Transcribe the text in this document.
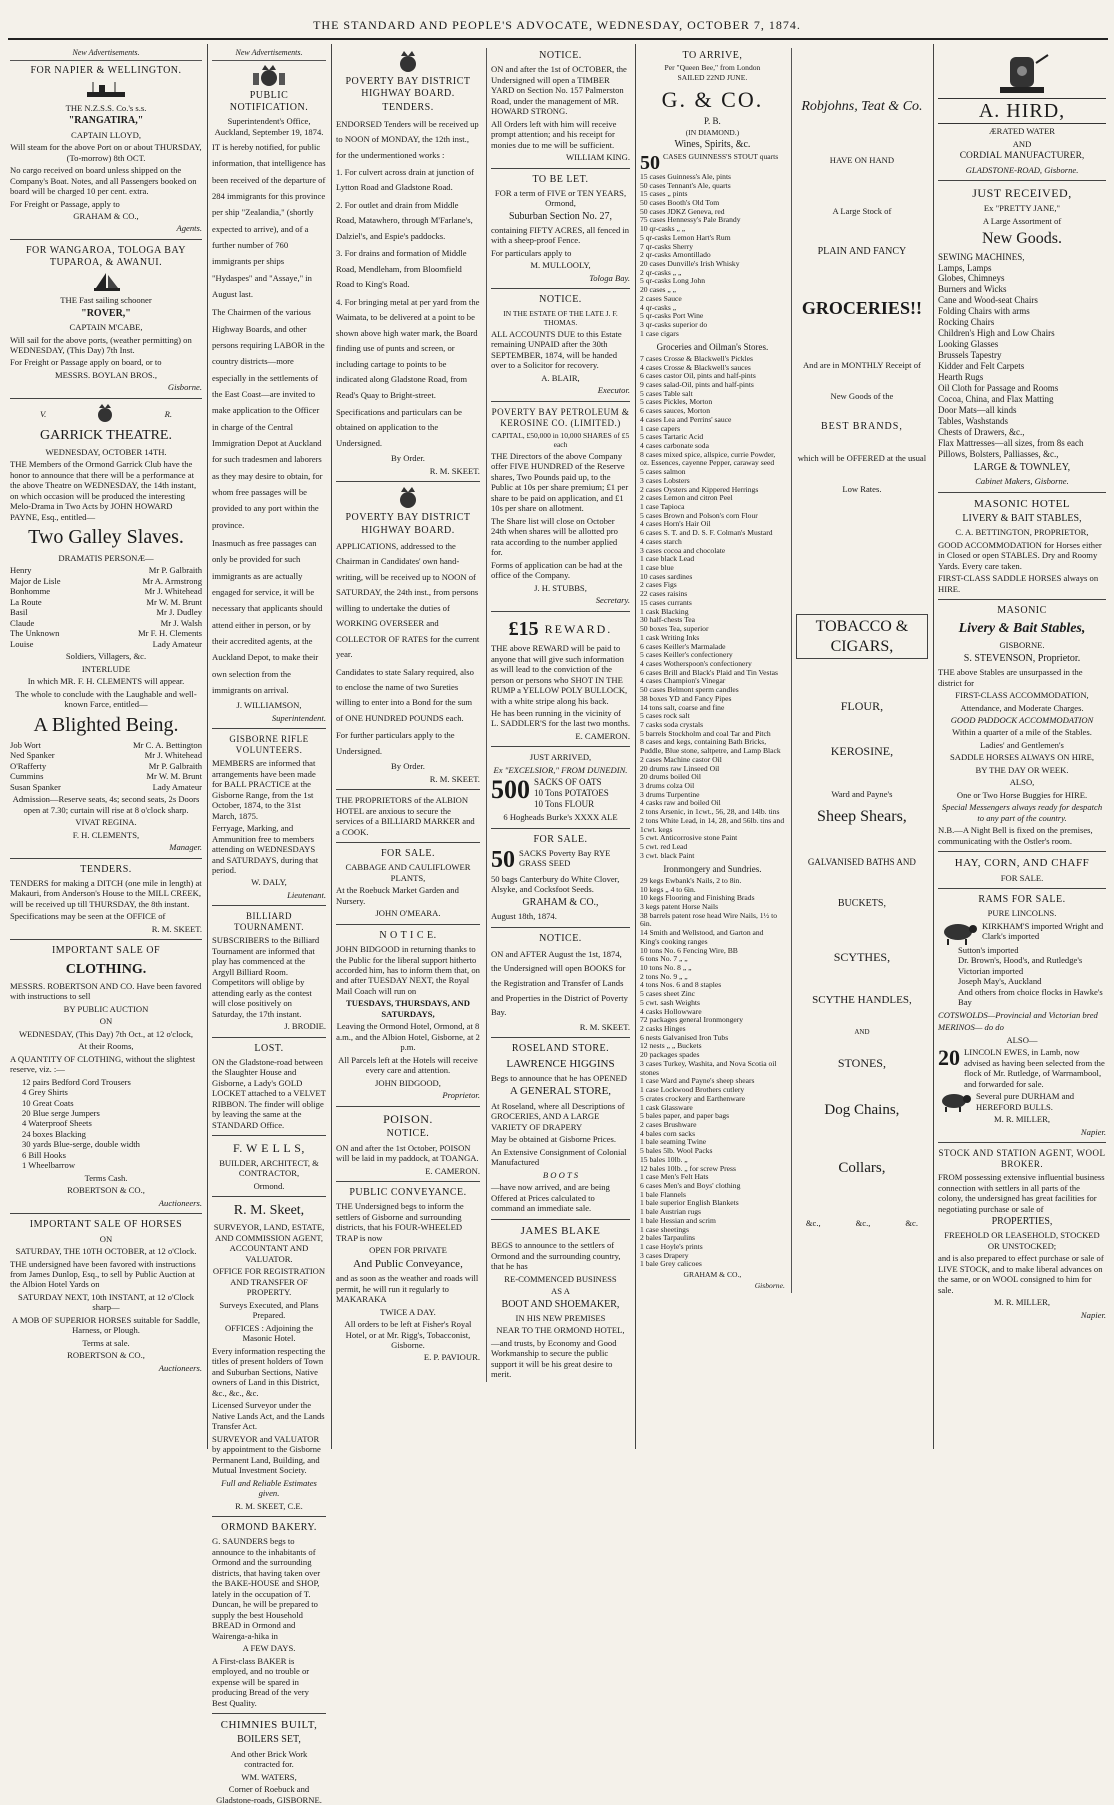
THE STANDARD AND PEOPLE'S ADVOCATE, WEDNESDAY, OCTOBER 7, 1874.
New Advertisements.
FOR NAPIER & WELLINGTON.

THE N.Z.S.S. Co.'s s.s.

"RANGATIRA,"

CAPTAIN LLOYD,

Will steam for the above Port on or about THURSDAY, (To-morrow) 8th OCT.

No cargo received on board unless shipped on the Company's Boat. Notes, and all Passengers booked on board will be charged 10 per cent. extra.

For Freight or Passage, apply to

GRAHAM & CO.,

Agents.

FOR WANGAROA, TOLOGA BAY TUPAROA, & AWANUI.

THE Fast sailing schooner

"ROVER,"

CAPTAIN M'CABE,

Will sail for the above ports, (weather permitting) on WEDNESDAY, (This Day) 7th Inst.

For Freight or Passage apply on board, or to

MESSRS. BOYLAN BROS.,

Gisborne.

V.	R.
GARRICK THEATRE.

WEDNESDAY, OCTOBER 14TH.

THE Members of the Ormond Garrick Club have the honor to announce that there will be a performance at the above Theatre on WEDNESDAY, the 14th instant, on which occasion will be produced the interesting Melo-Drama in Two Acts by JOHN HOWARD PAYNE, Esq., entitled—

Two Galley Slaves.

DRAMATIS PERSONÆ—

Henry	Mr P. Galbraith
Major de Lisle	Mr A. Armstrong
Bonhomme	Mr J. Whitehead
La Route	Mr W. M. Brunt
Basil	Mr J. Dudley
Claude	Mr J. Walsh
The Unknown	Mr F. H. Clements
Louise	Lady Amateur

Soldiers, Villagers, &c.

INTERLUDE

In which MR. F. H. CLEMENTS will appear.

The whole to conclude with the Laughable and well-known Farce, entitled—

A Blighted Being.
Job Wort	Mr C. A. Bettington
Ned Spanker	Mr J. Whitehead
O'Rafferty	Mr P. Galbraith
Cummins	Mr W. M. Brunt
Susan Spanker	Lady Amateur

Admission—Reserve seats, 4s; second seats, 2s Doors open at 7.30; curtain will rise at 8 o'clock sharp.

VIVAT REGINA.

F. H. CLEMENTS,

Manager.

TENDERS.

TENDERS for making a DITCH (one mile in length) at Makauri, from Anderson's House to the MILL CREEK, will be received up till THURSDAY, the 8th instant.

Specifications may be seen at the OFFICE of

R. M. SKEET.

IMPORTANT SALE OF
CLOTHING.

MESSRS. ROBERTSON AND CO. Have been favored with instructions to sell

BY PUBLIC AUCTION

ON

WEDNESDAY, (This Day) 7th Oct., at 12 o'clock,

At their Rooms,

A QUANTITY OF CLOTHING, without the slightest reserve, viz. :—

12 pairs Bedford Cord Trousers
4 Grey Shirts
10 Great Coats
20 Blue serge Jumpers
4 Waterproof Sheets
24 boxes Blacking
30 yards Blue-serge, double width
6 Bill Hooks
1 Wheelbarrow

Terms Cash.

ROBERTSON & CO.,

Auctioneers.

IMPORTANT SALE OF HORSES

ON

SATURDAY, THE 10TH OCTOBER, at 12 o'Clock.

THE undersigned have been favored with instructions from James Dunlop, Esq., to sell by Public Auction at the Albion Hotel Yards on

SATURDAY NEXT, 10th INSTANT, at 12 o'Clock sharp—

A MOB OF SUPERIOR HORSES suitable for Saddle, Harness, or Plough.

Terms at sale.

ROBERTSON & CO.,

Auctioneers.

New Advertisements.
PUBLIC NOTIFICATION.

Superintendent's Office, Auckland, September 19, 1874.

IT is hereby notified, for public information, that intelligence has been received of the departure of 284 immigrants for this province per ship "Zealandia," (shortly expected to arrive), and of a further number of 760 immigrants per ships "Hydaspes" and "Assaye," in August last.

The Chairmen of the various Highway Boards, and other persons requiring LABOR in the country districts—more especially in the settlements of the East Coast—are invited to make application to the Officer in charge of the Central Immigration Depot at Auckland for such tradesmen and laborers as they may desire to obtain, for whom free passages will be provided to any port within the province.

Inasmuch as free passages can only be provided for such immigrants as are actually engaged for service, it will be necessary that applicants should attend either in person, or by their accredited agents, at the Auckland Depot, to make their own selection from the immigrants on arrival.

J. WILLIAMSON,

Superintendent.

GISBORNE RIFLE VOLUNTEERS.

MEMBERS are informed that arrangements have been made for BALL PRACTICE at the Gisborne Range, from the 1st October, 1874, to the 31st March, 1875.

Ferryage, Marking, and Ammunition free to members attending on WEDNESDAYS and SATURDAYS, during that period.

W. DALY,

Lieutenant.

BILLIARD TOURNAMENT.

SUBSCRIBERS to the Billiard Tournament are informed that play has commenced at the Argyll Billiard Room. Competitors will oblige by attending early as the contest will close positively on Saturday, the 17th instant.

J. BRODIE.

LOST.

ON the Gladstone-road between the Slaughter House and Gisborne, a Lady's GOLD LOCKET attached to a VELVET RIBBON. The finder will oblige by leaving the same at the STANDARD Office.

F. W E L L S,

BUILDER, ARCHITECT, & CONTRACTOR,

Ormond.

R. M. Skeet,

SURVEYOR, LAND, ESTATE, AND COMMISSION AGENT, ACCOUNTANT AND VALUATOR.

OFFICE FOR REGISTRATION AND TRANSFER OF PROPERTY.

Surveys Executed, and Plans Prepared.

OFFICES : Adjoining the Masonic Hotel.

Every information respecting the titles of present holders of Town and Suburban Sections, Native owners of Land in this District, &c., &c., &c.

Licensed Surveyor under the Native Lands Act, and the Lands Transfer Act.

SURVEYOR and VALUATOR by appointment to the Gisborne Permanent Land, Building, and Mutual Investment Society.

Full and Reliable Estimates given.

R. M. SKEET, C.E.

ORMOND BAKERY.

G. SAUNDERS begs to announce to the inhabitants of Ormond and the surrounding districts, that having taken over the BAKE-HOUSE and SHOP, lately in the occupation of T. Duncan, he will be prepared to supply the best Household BREAD in Ormond and Wairenga-a-hika in

A FEW DAYS.

A First-class BAKER is employed, and no trouble or expense will be spared in producing Bread of the very Best Quality.

CHIMNIES BUILT,

BOILERS SET,

And other Brick Work contracted for.

WM. WATERS,

Corner of Roebuck and Gladstone-roads, GISBORNE.

POVERTY BAY DISTRICT HIGHWAY BOARD.
TENDERS.

ENDORSED Tenders will be received up to NOON of MONDAY, the 12th inst., for the undermentioned works :

1. For culvert across drain at junction of Lytton Road and Gladstone Road.

2. For outlet and drain from Middle Road, Matawhero, through M'Farlane's, Dalziel's, and Espie's paddocks.

3. For drains and formation of Middle Road, Mendleham, from Bloomfield Road to King's Road.

4. For bringing metal at per yard from the Waimata, to be delivered at a point to be shown above high water mark, the Board finding use of punts and screen, or including cartage to points to be indicated along Gladstone Road, from Read's Quay to Bright-street.

Specifications and particulars can be obtained on application to the Undersigned.

By Order.

R. M. SKEET.

POVERTY BAY DISTRICT HIGHWAY BOARD.

APPLICATIONS, addressed to the Chairman in Candidates' own hand-writing, will be received up to NOON of SATURDAY, the 24th inst., from persons willing to undertake the duties of WORKING OVERSEER and COLLECTOR OF RATES for the current year.

Candidates to state Salary required, also to enclose the name of two Sureties willing to enter into a Bond for the sum of ONE HUNDRED POUNDS each.

For further particulars apply to the Undersigned.

By Order.

R. M. SKEET.

THE PROPRIETORS of the ALBION HOTEL are anxious to secure the services of a BILLIARD MARKER and a COOK.

FOR SALE.

CABBAGE AND CAULIFLOWER PLANTS,

At the Roebuck Market Garden and Nursery.

JOHN O'MEARA.

N O T I C E.

JOHN BIDGOOD in returning thanks to the Public for the liberal support hitherto accorded him, has to inform them that, on and after TUESDAY NEXT, the Royal Mail Coach will run on

TUESDAYS, THURSDAYS, AND SATURDAYS,

Leaving the Ormond Hotel, Ormond, at 8 a.m., and the Albion Hotel, Gisborne, at 2 p.m.

All Parcels left at the Hotels will receive every care and attention.

JOHN BIDGOOD,

Proprietor.

POISON.
NOTICE.

ON and after the 1st October, POISON will be laid in my paddock, at TOANGA.

E. CAMERON.

PUBLIC CONVEYANCE.

THE Undersigned begs to inform the settlers of Gisborne and surrounding districts, that his FOUR-WHEELED TRAP is now

OPEN FOR PRIVATE

And Public Conveyance,

and as soon as the weather and roads will permit, he will run it regularly to MAKARAKA

TWICE A DAY.

All orders to be left at Fisher's Royal Hotel, or at Mr. Rigg's, Tobacconist, Gisborne.

E. P. PAVIOUR.

NOTICE.

ON and after the 1st of OCTOBER, the Undersigned will open a TIMBER YARD on Section No. 157 Palmerston Road, under the management of MR. HOWARD STRONG.

All Orders left with him will receive prompt attention; and his receipt for monies due to me will be sufficient.

WILLIAM KING.

TO BE LET.

FOR a term of FIVE or TEN YEARS, Ormond,

Suburban Section No. 27,

containing FIFTY ACRES, all fenced in with a sheep-proof Fence.

For particulars apply to

M. MULLOOLY,

Tologa Bay.

NOTICE.

IN THE ESTATE OF THE LATE J. F. THOMAS.

ALL ACCOUNTS DUE to this Estate remaining UNPAID after the 30th SEPTEMBER, 1874, will be handed over to a Solicitor for recovery.

A. BLAIR,

Executor.

POVERTY BAY PETROLEUM & KEROSINE CO. (LIMITED.)

CAPITAL, £50,000 in 10,000 SHARES of £5 each

THE Directors of the above Company offer FIVE HUNDRED of the Reserve shares, Two Pounds paid up, to the Public at 10s per share premium; £1 per share to be paid on application, and £1 10s per share on allotment.

The Share list will close on October 24th when shares will be allotted pro rata according to the number applied for.

Forms of application can be had at the office of the Company.

J. H. STUBBS,

Secretary.

£15 REWARD.

THE above REWARD will be paid to anyone that will give such information as will lead to the conviction of the person or persons who SHOT IN THE RUMP a YELLOW POLY BULLOCK, with a white stripe along his back.

He has been running in the vicinity of L. SADDLER'S for the last two months.

E. CAMERON.

JUST ARRIVED,

Ex "EXCELSIOR," FROM DUNEDIN.

500 SACKS OF OATS
10 Tons POTATOES
10 Tons FLOUR

6 Hogheads Burke's XXXX ALE

FOR SALE.
50 SACKS Poverty Bay RYE GRASS SEED

50 bags Canterbury do White Clover, Alsyke, and Cocksfoot Seeds.

GRAHAM & CO.,

August 18th, 1874.

NOTICE.

ON and AFTER August the 1st, 1874, the Undersigned will open BOOKS for the Registration and Transfer of Lands and Properties in the District of Poverty Bay.

R. M. SKEET.

ROSELAND STORE.

LAWRENCE HIGGINS

Begs to announce that he has OPENED

A GENERAL STORE,

At Roseland, where all Descriptions of GROCERIES, AND A LARGE VARIETY OF DRAPERY

May be obtained at Gisborne Prices.

An Extensive Consignment of Colonial Manufactured

B O O T S

—have now arrived, and are being Offered at Prices calculated to command an immediate sale.

JAMES BLAKE

BEGS to announce to the settlers of Ormond and the surrounding country, that he has

RE-COMMENCED BUSINESS

AS A

BOOT AND SHOEMAKER,

IN HIS NEW PREMISES

NEAR TO THE ORMOND HOTEL,

—and trusts, by Economy and Good Workmanship to secure the public support it will be his great desire to merit.

TO ARRIVE,

Per "Queen Bee," from London

SAILED 22ND JUNE.

G. & CO.

P. B.

(IN DIAMOND.)

Wines, Spirits, &c.

50 CASES GUINNESS'S STOUT quarts
15 cases Guinness's Ale, pints
50 cases Tennant's Ale, quarts
15 cases „ pints
50 cases Booth's Old Tom
50 cases JDKZ Geneva, red
75 cases Hennessy's Pale Brandy
10 qr-casks „ „
5 qr-casks Lemon Hart's Rum
7 qr-casks Sherry
2 qr-casks Amontillado
20 cases Dunville's Irish Whisky
2 qr-casks „ „
5 qr-casks Long John
20 cases „ „
2 cases Sauce
4 qr-casks „
5 qr-casks Port Wine
3 qr-casks superior do
1 case cigars

Groceries and Oilman's Stores.

7 cases Crosse & Blackwell's Pickles
4 cases Crosse & Blackwell's sauces
6 cases castor Oil, pints and half-pints
9 cases salad-Oil, pints and half-pints
5 cases Table salt
5 cases Pickles, Morton
6 cases sauces, Morton
4 cases Lea and Perrins' sauce
1 case capers
5 cases Tartaric Acid
4 cases carbonate soda
8 cases mixed spice, allspice, currie Powder, oz. Essences, cayenne Pepper, caraway seed
5 cases salmon
3 cases Lobsters
2 cases Oysters and Kippered Herrings
2 cases Lemon and citron Peel
1 case Tapioca
5 cases Brown and Polson's corn Flour
4 cases Horn's Hair Oil
6 cases S. T. and D. S. F. Colman's Mustard
4 cases starch
3 cases cocoa and chocolate
1 case black Lead
1 case blue
10 cases sardines
2 cases Figs
22 cases raisins
15 cases currants
1 cask Blacking
30 half-chests Tea
50 boxes Tea, superior
1 cask Writing Inks
6 cases Keiller's Marmalade
5 cases Keiller's confectionery
4 cases Wotherspoon's confectionery
6 cases Brill and Black's Plaid and Tin Vestas
4 cases Champion's Vinegar
50 cases Belmont sperm candles
38 boxes YD and Fancy Pipes
14 tons salt, coarse and fine
5 cases rock salt
7 casks soda crystals
5 barrels Stockholm and coal Tar and Pitch
8 cases and kegs, containing Bath Bricks, Puddle, Blue stone, saltpetre, and Lamp Black
2 cases Machine castor Oil
20 drums raw Linseed Oil
20 drums boiled Oil
3 drums colza Oil
3 drums Turpentine
4 casks raw and boiled Oil
2 tons Arsenic, in 1cwt., 56, 28, and 14lb. tins
2 tons White Lead, in 14, 28, and 56lb. tins and 1cwt. kegs
5 cwt. Anticorrosive stone Paint
5 cwt. red Lead
3 cwt. black Paint

Ironmongery and Sundries.

29 kegs Ewbank's Nails, 2 to 8in.
10 kegs „ 4 to 6in.
10 kegs Flooring and Finishing Brads
3 kegs patent Horse Nails
38 barrels patent rose head Wire Nails, 1½ to 6in.
14 Smith and Wellstood, and Garton and King's cooking ranges
10 tons No. 6 Fencing Wire, BB
6 tons No. 7 „ „
10 tons No. 8 „ „
2 tons No. 9 „ „
4 tons Nos. 6 and 8 staples
5 cases sheet Zinc
5 cwt. sash Weights
4 casks Hollowware
72 packages general Ironmongery
2 casks Hinges
6 nests Galvanised Iron Tubs
12 nests „ „ Buckets
20 packages spades
3 cases Turkey, Washita, and Nova Scotia oil stones
1 case Ward and Payne's sheep shears
1 case Lockwood Brothers cutlery
5 crates crockery and Earthenware
1 cask Glassware
5 bales paper, and paper bags
2 cases Brushware
4 bales corn sacks
1 bale seaming Twine
5 bales 5lb. Wool Packs
15 bales 10lb. „
12 bales 10lb. „ for screw Press
1 case Men's Felt Hats
6 cases Men's and Boys' clothing
1 bale Flannels
1 bale superior English Blankets
1 bale Austrian rugs
1 bale Hessian and scrim
1 case sheetings
2 bales Tarpaulins
1 case Hoyle's prints
3 cases Drapery
1 bale Grey calicoes

GRAHAM & CO.,

Gisborne.

Robjohns, Teat & Co.

HAVE ON HAND

A Large Stock of

PLAIN AND FANCY

GROCERIES!!

And are in MONTHLY Receipt of

New Goods of the

BEST BRANDS,

which will be OFFERED at the usual

Low Rates.

TOBACCO & CIGARS,

FLOUR,

KEROSINE,

Ward and Payne's

Sheep Shears,

GALVANISED BATHS AND

BUCKETS,

SCYTHES,

SCYTHE HANDLES,

AND

STONES,

Dog Chains,

Collars,

&c.,	&c.,	&c.
A. HIRD,

ÆRATED WATER

AND

CORDIAL MANUFACTURER,

GLADSTONE-ROAD, Gisborne.

JUST RECEIVED,

Ex "PRETTY JANE,"

A Large Assortment of

New Goods.
SEWING MACHINES,
Lamps, Lamps
Globes, Chimneys
Burners and Wicks
Cane and Wood-seat Chairs
Folding Chairs with arms
Rocking Chairs
Children's High and Low Chairs
Looking Glasses
Brussels Tapestry
Kidder and Felt Carpets
Hearth Rugs
Oil Cloth for Passage and Rooms
Cocoa, China, and Flax Matting
Door Mats—all kinds
Tables, Washstands
Chests of Drawers, &c.,
Flax Mattresses—all sizes, from 8s each
Pillows, Bolsters, Palliasses, &c.,

LARGE & TOWNLEY,

Cabinet Makers, Gisborne.

MASONIC HOTEL

LIVERY & BAIT STABLES,

C. A. BETTINGTON, PROPRIETOR,

GOOD ACCOMMODATION for Horses either in Closed or open STABLES. Dry and Roomy Yards. Every care taken.

FIRST-CLASS SADDLE HORSES always on HIRE.

MASONIC
Livery & Bait Stables,

GISBORNE.

S. STEVENSON, Proprietor.

THE above Stables are unsurpassed in the district for

FIRST-CLASS ACCOMMODATION,

Attendance, and Moderate Charges.

GOOD PADDOCK ACCOMMODATION

Within a quarter of a mile of the Stables.

Ladies' and Gentlemen's

SADDLE HORSES ALWAYS ON HIRE,

BY THE DAY OR WEEK.

ALSO,

One or Two Horse Buggies for HIRE.

Special Messengers always ready for despatch to any part of the country.

N.B.—A Night Bell is fixed on the premises, communicating with the Ostler's room.

HAY, CORN, AND CHAFF

FOR SALE.

RAMS FOR SALE.

PURE LINCOLNS.

KIRKHAM'S imported Wright and Clark's imported
Sutton's imported
Dr. Brown's, Hood's, and Rutledge's Victorian imported
Joseph May's, Auckland
And others from choice flocks in Hawke's Bay

COTSWOLDS—Provincial and Victorian bred

MERINOS— do do

ALSO—

20 LINCOLN EWES, in Lamb, now advised as having been selected from the flock of Mr. Rutledge, of Warrnambool, and forwarded for sale.
Several pure DURHAM and HEREFORD BULLS.

M. R. MILLER,

Napier.

STOCK AND STATION AGENT, WOOL BROKER.

FROM possessing extensive influential business connection with settlers in all parts of the colony, the undersigned has great facilities for negotiating purchase or sale of

PROPERTIES,

FREEHOLD OR LEASEHOLD, STOCKED OR UNSTOCKED;

and is also prepared to effect purchase or sale of LIVE STOCK, and to make liberal advances on the same, or on WOOL consigned to him for sale.

M. R. MILLER,

Napier.
